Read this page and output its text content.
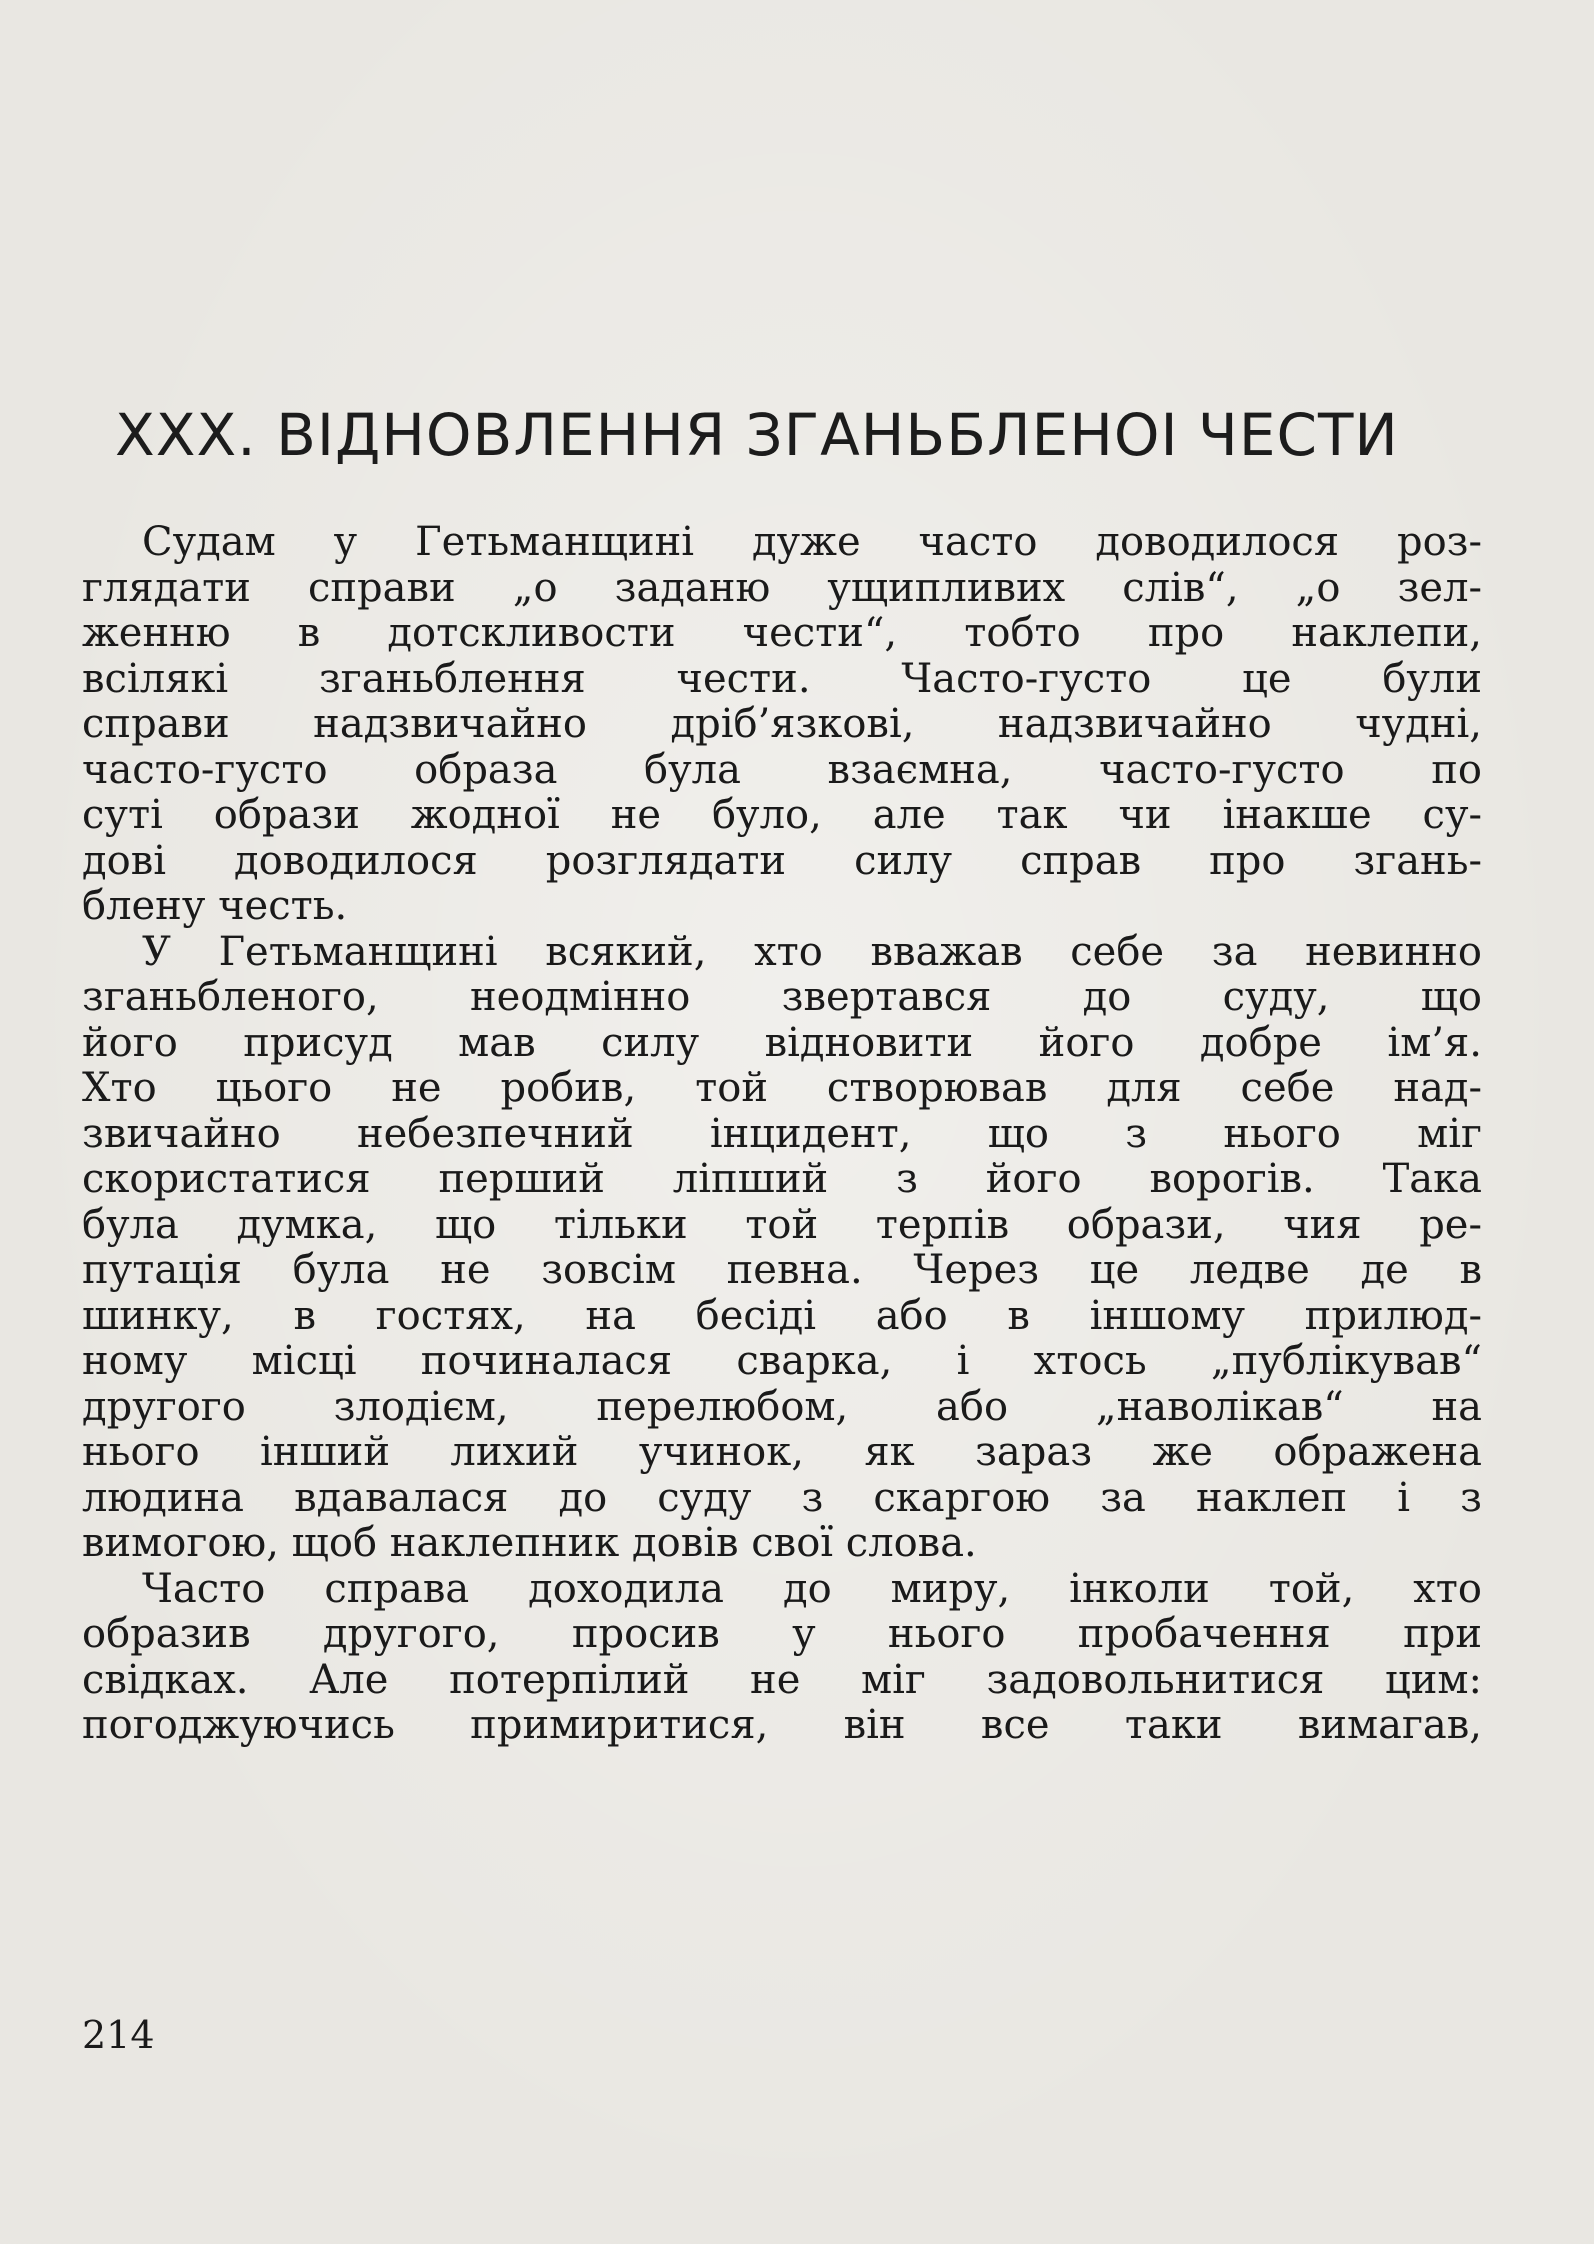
XXX. ВІДНОВЛЕННЯ ЗГАНЬБЛЕНОІ ЧЕСТИ
Судам у Гетьманщині дуже часто доводилося роз-
глядати справи „о заданю ущипливих слів“, „о зел-
женню в дотскливости чести“, тобто про наклепи,
всілякі зганьблення чести. Часто-густо це були
справи надзвичайно дріб’язкові, надзвичайно чудні,
часто-густо образа була взаємна, часто-густо по
суті образи жодної не було, але так чи інакше су-
дові доводилося розглядати силу справ про згань-
блену честь.
У Гетьманщині всякий, хто вважав себе за невинно
зганьбленого, неодмінно звертався до суду, що
його присуд мав силу відновити його добре ім’я.
Хто цього не робив, той створював для себе над-
звичайно небезпечний інцидент, що з нього міг
скористатися перший ліпший з його ворогів. Така
була думка, що тільки той терпів образи, чия ре-
путація була не зовсім певна. Через це ледве де в
шинку, в гостях, на бесіді або в іншому прилюд-
ному місці починалася сварка, і хтось „публікував“
другого злодієм, перелюбом, або „наволікав“ на
нього інший лихий учинок, як зараз же ображена
людина вдавалася до суду з скаргою за наклеп і з
вимогою, щоб наклепник довів свої слова.
Часто справа доходила до миру, інколи той, хто
образив другого, просив у нього пробачення при
свідках. Але потерпілий не міг задовольнитися цим:
погоджуючись примиритися, він все таки вимагав,
214
